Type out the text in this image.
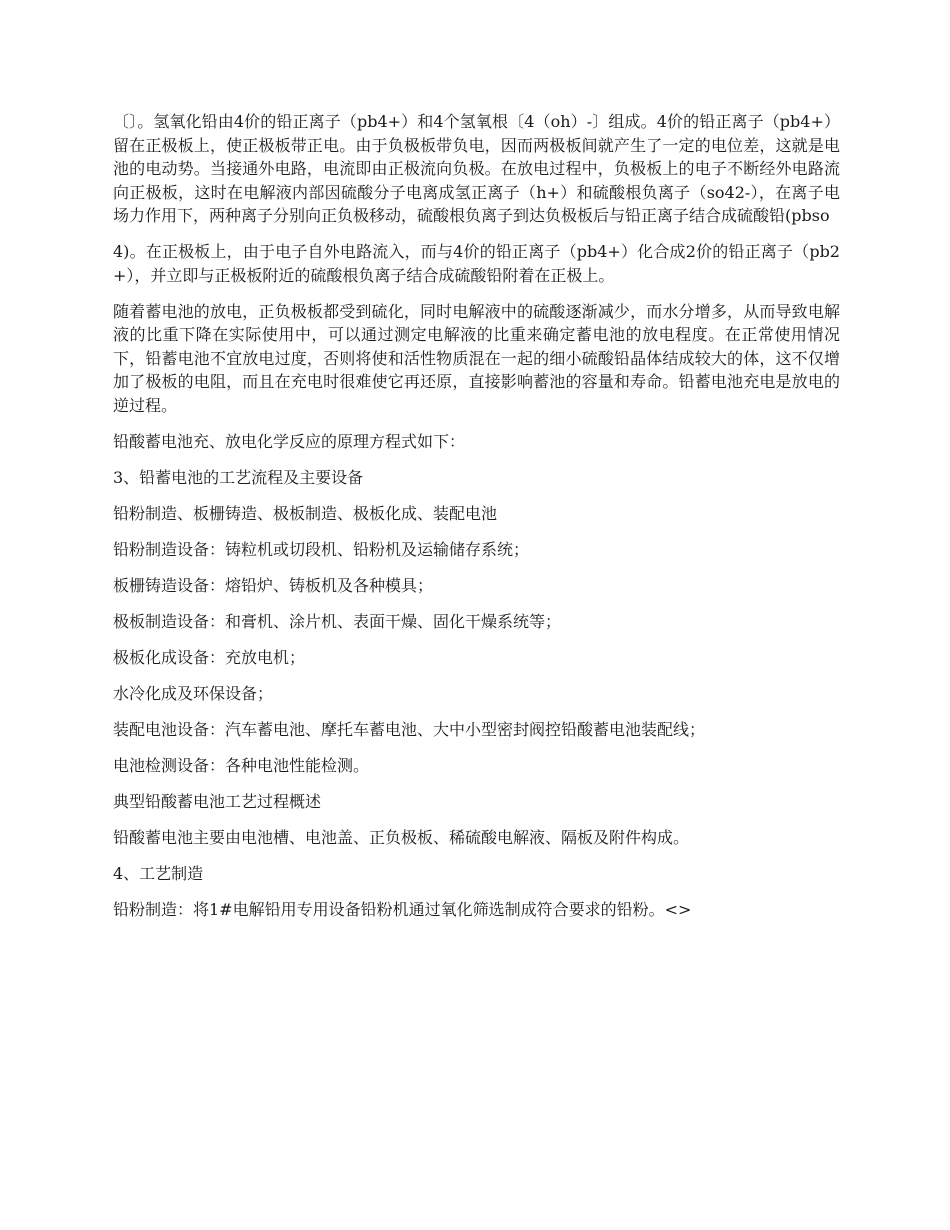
〔〕。氢氧化铅由4价的铅正离子（pb4+）和4个氢氧根〔4（oh）-〕组成。4价的铅正离子（pb4+）留在正极板上，使正极板带正电。由于负极板带负电，因而两极板间就产生了一定的电位差，这就是电池的电动势。当接通外电路，电流即由正极流向负极。在放电过程中，负极板上的电子不断经外电路流向正极板，这时在电解液内部因硫酸分子电离成氢正离子（h+）和硫酸根负离子（so42-），在离子电场力作用下，两种离子分别向正负极移动，硫酸根负离子到达负极板后与铅正离子结合成硫酸铅(pbso

4)。在正极板上，由于电子自外电路流入，而与4价的铅正离子（pb4+）化合成2价的铅正离子（pb2+），并立即与正极板附近的硫酸根负离子结合成硫酸铅附着在正极上。

随着蓄电池的放电，正负极板都受到硫化，同时电解液中的硫酸逐渐减少，而水分增多，从而导致电解液的比重下降在实际使用中，可以通过测定电解液的比重来确定蓄电池的放电程度。在正常使用情况下，铅蓄电池不宜放电过度，否则将使和活性物质混在一起的细小硫酸铅晶体结成较大的体，这不仅增加了极板的电阻，而且在充电时很难使它再还原，直接影响蓄池的容量和寿命。铅蓄电池充电是放电的逆过程。

铅酸蓄电池充、放电化学反应的原理方程式如下：

3、铅蓄电池的工艺流程及主要设备

铅粉制造、板栅铸造、极板制造、极板化成、装配电池

铅粉制造设备：铸粒机或切段机、铅粉机及运输储存系统；

板栅铸造设备：熔铅炉、铸板机及各种模具；

极板制造设备：和膏机、涂片机、表面干燥、固化干燥系统等；

极板化成设备：充放电机；

水冷化成及环保设备；

装配电池设备：汽车蓄电池、摩托车蓄电池、大中小型密封阀控铅酸蓄电池装配线；

电池检测设备：各种电池性能检测。

典型铅酸蓄电池工艺过程概述

铅酸蓄电池主要由电池槽、电池盖、正负极板、稀硫酸电解液、隔板及附件构成。

4、工艺制造

铅粉制造：将1#电解铅用专用设备铅粉机通过氧化筛选制成符合要求的铅粉。<>
